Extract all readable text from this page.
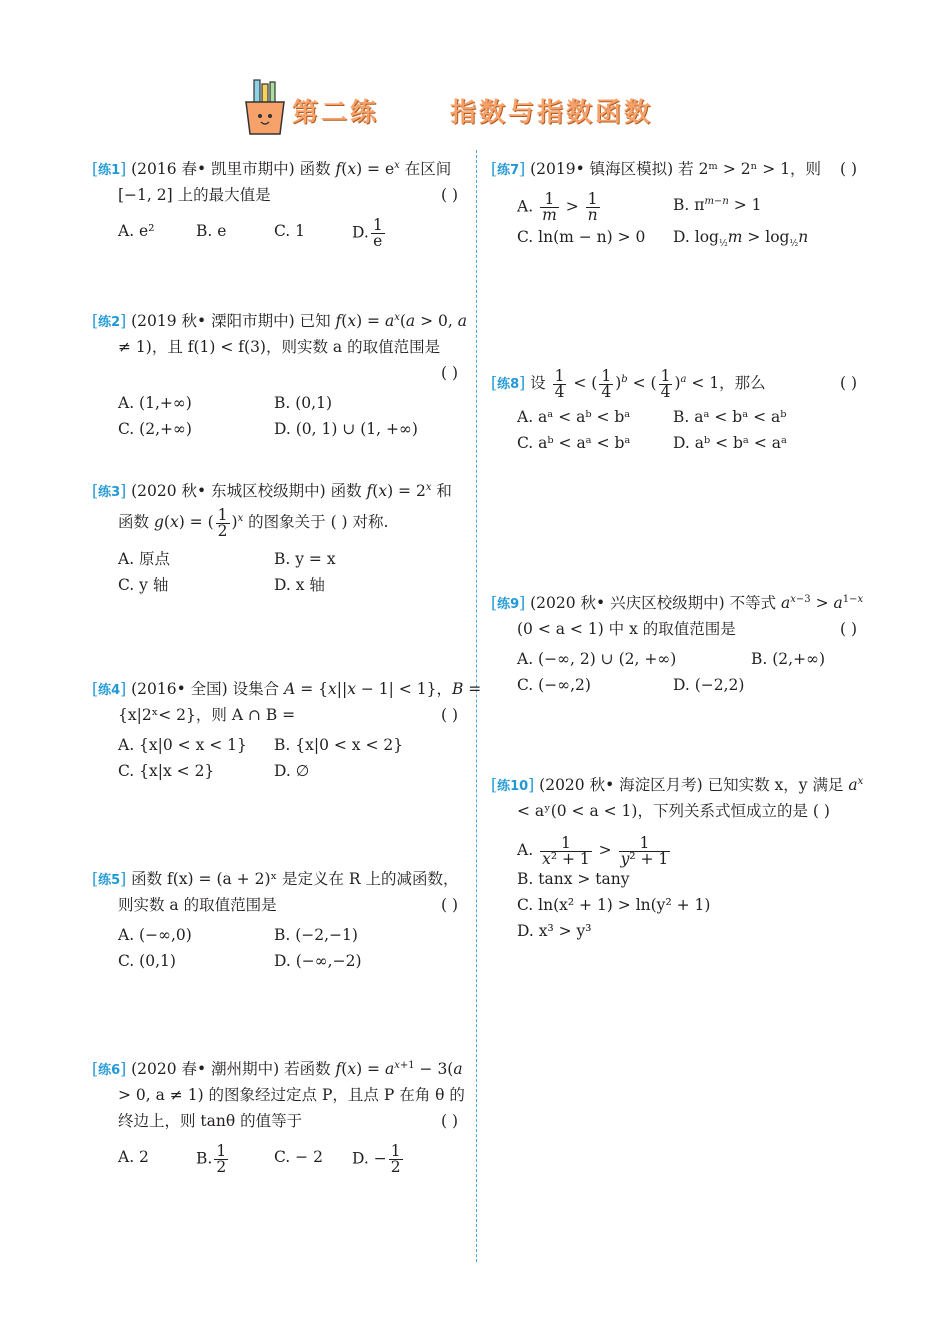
第二练	指数与指数函数
[练1] (2016 春• 凯里市期中) 函数 $f(x) = e^x$ 在区间
[−1, 2] 上的最大值是	( )
A. e²	B. e	C. 1	D. $\frac{1}{e}$
[练2] (2019 秋• 溧阳市期中) 已知 $f(x) = a^x(a > 0$, a
≠ 1)，且 f(1) < f(3)，则实数 a 的取值范围是
( )
A. (1,+∞)	B. (0,1)
C. (2,+∞)	D. (0, 1) ∪ (1, +∞)
[练3] (2020 秋• 东城区校级期中) 函数 $f(x) = 2^x$ 和
函数 g(x) = ( $\frac{1}{2} )^x$ 的图象关于 ( ) 对称.
A. 原点	B. y = x
C. y 轴	D. x 轴
[练4] (2016• 全国) 设集合 A = {x||x − 1| < 1}，B =
{x|2ˣ< 2}，则 A ∩ B =	( )
A. {x|0 < x < 1} B. {x|0 < x < 2}
C. {x|x < 2}	D. ∅
[练5] 函数 f(x) = (a + 2)ˣ 是定义在 R 上的减函数，
则实数 a 的取值范围是	( )
A. (−∞,0)	B. (−2,−1)
C. (0,1)	D. (−∞,−2)
[练6] (2020 春• 潮州期中) 若函数 $f(x) = a^{x+1} - 3(a$
> 0, a ≠ 1) 的图象经过定点 P，且点 P 在角 θ 的
终边上，则 tanθ 的值等于	( )
A. 2	B. $\frac{1}{2}$	C. − 2 D. − $\frac{1}{2}$
[练7] (2019• 镇海区模拟) 若 2ᵐ > 2ⁿ > 1，则 ( )
A. $\frac{1}{m} > \frac{1}{n}$	B. $\pi^{m-n} > 1$
C. ln(m − n) > 0 D. $\log_{\frac{1}{2}}m > \log_{\frac{1}{2}}n$
[练8] 设 $\frac{1}{4}$ < ( $\frac{1}{4} )^b$ < ( $\frac{1}{4} )^a < 1$，那么	( )
A. aᵃ < aᵇ < bᵃ	B. aᵃ < bᵃ < aᵇ
C. aᵇ < aᵃ < bᵃ	D. aᵇ < bᵃ < aᵃ
[练9] (2020 秋• 兴庆区校级期中) 不等式 $a^{x-3} > a^{1-x}$
(0 < a < 1) 中 x 的取值范围是	( )
A. (−∞, 2) ∪ (2, +∞)	B. (2,+∞)
C. (−∞,2)	D. (−2,2)
[练10] (2020 秋• 海淀区月考) 已知实数 x，y 满足 $a^x$
< aʸ(0 < a < 1)，下列关系式恒成立的是 ( )
A. $\frac{1}{\text{x² + 1}} > \frac{1}{\text{y² + 1}}$
B. tanx > tany
C. ln(x² + 1) > ln(y² + 1)
D. x³ > y³
